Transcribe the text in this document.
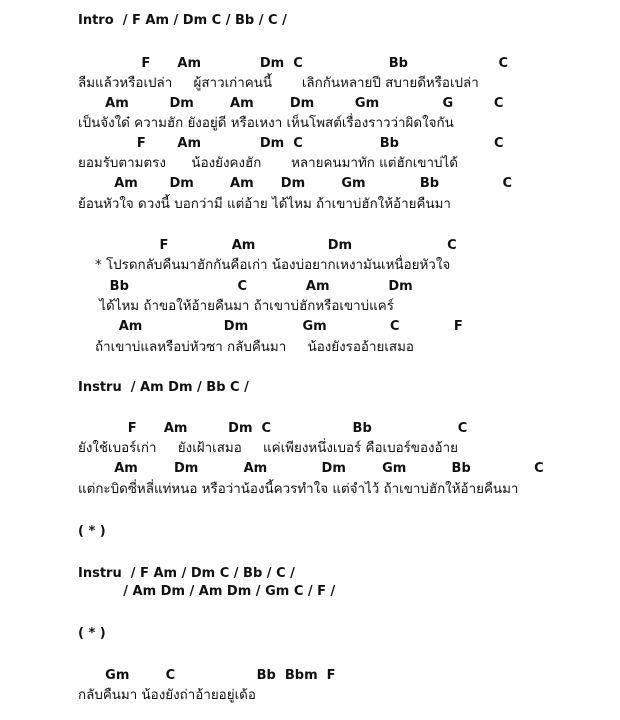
Intro  / F Am / Dm C / Bb / C /
F      Am             Dm  C                   Bb                    C
ลืมแล้วหรือเปล่า     ผู้สาวเก่าคนนี้       เลิกกันหลายปี สบายดีหรือเปล่า
Am         Dm        Am        Dm         Gm              G         C
เป็นจังใด๋ ความฮัก ยังอยู่ดี หรือเหงา เห็นโพสต์เรื่องราวว่าผิดใจกัน
F       Am             Dm  C                 Bb                     C
ยอมรับตามตรง      น้องยังคงฮัก       หลายคนมาทัก แต่ฮักเขาบ่ได้
Am       Dm        Am      Dm        Gm            Bb              C
ย้อนหัวใจ ดวงนี้ บอกว่ามี แต่อ้าย ได้ไหม ถ้าเขาบ่ฮักให้อ้ายคืนมา
F              Am                Dm                     C
* โปรดกลับคืนมาฮักกันคือเก่า น้องบ่อยากเหงามันเหนื่อยหัวใจ
Bb                        C             Am             Dm
ได้ไหม ถ้าขอให้อ้ายคืนมา ถ้าเขาบ่ฮักหรือเขาบ่แคร์
Am                  Dm            Gm              C            F
ถ้าเขาบ่แลหรือบ่หัวซา กลับคืนมา     น้องยังรออ้ายเสมอ
Instru  / Am Dm / Bb C /
F      Am         Dm  C                  Bb                   C
ยังใช้เบอร์เก่า     ยังเฝ้าเสมอ     แค่เพียงหนึ่งเบอร์ คือเบอร์ของอ้าย
Am        Dm          Am            Dm        Gm          Bb              C
แต่กะบิดซี่หลี่แท่หนอ หรือว่าน้องนี้ควรทำใจ แต่จำไว้ ถ้าเขาบ่ฮักให้อ้ายคืนมา
( * )
Instru  / F Am / Dm C / Bb / C /
/ Am Dm / Am Dm / Gm C / F /
( * )
Gm        C                  Bb  Bbm  F
กลับคืนมา น้องยังถ่าอ้ายอยู่เด้อ
